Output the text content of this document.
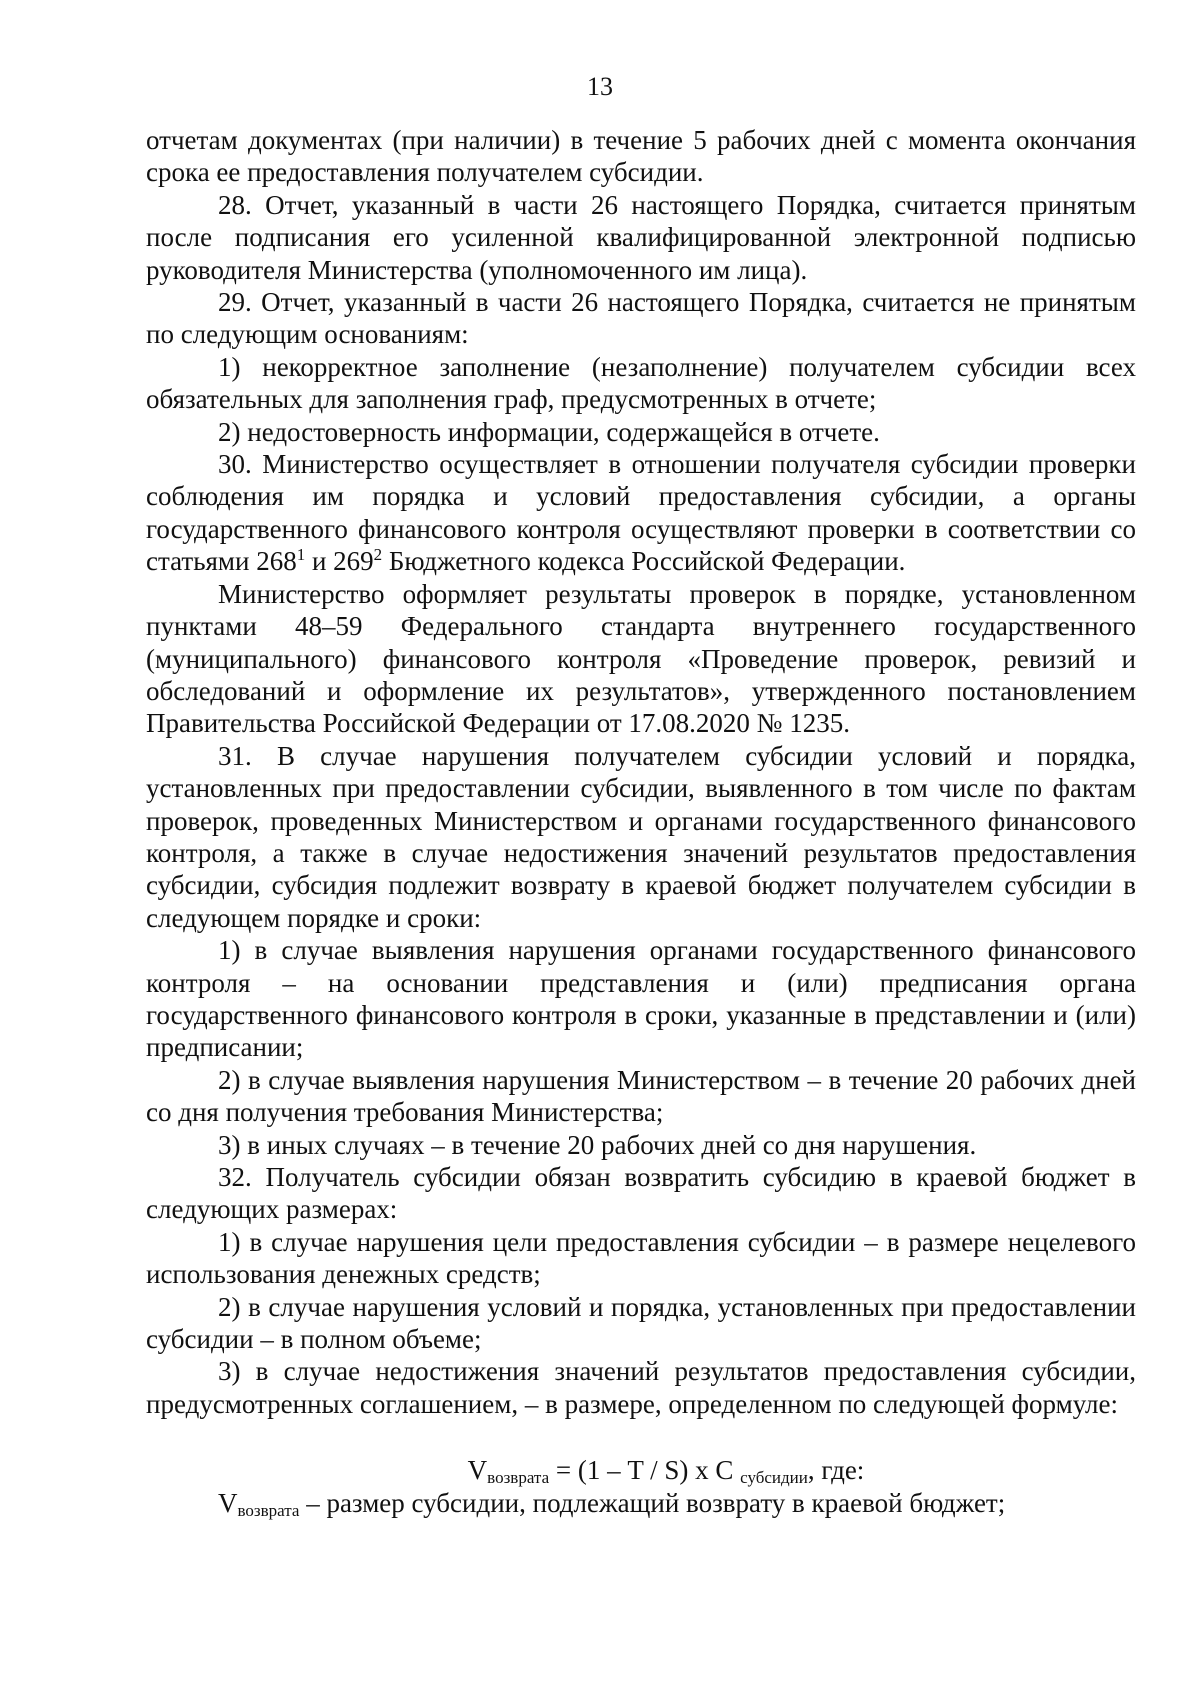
13

отчетам документах (при наличии) в течение 5 рабочих дней с момента окончания срока ее предоставления получателем субсидии.

28. Отчет, указанный в части 26 настоящего Порядка, считается принятым после подписания его усиленной квалифицированной электронной подписью руководителя Министерства (уполномоченного им лица).

29. Отчет, указанный в части 26 настоящего Порядка, считается не принятым по следующим основаниям:

1) некорректное заполнение (незаполнение) получателем субсидии всех обязательных для заполнения граф, предусмотренных в отчете;

2) недостоверность информации, содержащейся в отчете.

30. Министерство осуществляет в отношении получателя субсидии проверки соблюдения им порядка и условий предоставления субсидии, а органы государственного финансового контроля осуществляют проверки в соответствии со статьями $268^1$ и $269^2$ Бюджетного кодекса Российской Федерации.

Министерство оформляет результаты проверок в порядке, установленном пунктами 48–59 Федерального стандарта внутреннего государственного (муниципального) финансового контроля «Проведение проверок, ревизий и обследований и оформление их результатов», утвержденного постановлением Правительства Российской Федерации от 17.08.2020 № 1235.

31. В случае нарушения получателем субсидии условий и порядка, установленных при предоставлении субсидии, выявленного в том числе по фактам проверок, проведенных Министерством и органами государственного финансового контроля, а также в случае недостижения значений результатов предоставления субсидии, субсидия подлежит возврату в краевой бюджет получателем субсидии в следующем порядке и сроки:

1) в случае выявления нарушения органами государственного финансового контроля – на основании представления и (или) предписания органа государственного финансового контроля в сроки, указанные в представлении и (или) предписании;

2) в случае выявления нарушения Министерством – в течение 20 рабочих дней со дня получения требования Министерства;

3) в иных случаях – в течение 20 рабочих дней со дня нарушения.

32. Получатель субсидии обязан возвратить субсидию в краевой бюджет в следующих размерах:

1) в случае нарушения цели предоставления субсидии – в размере нецелевого использования денежных средств;

2) в случае нарушения условий и порядка, установленных при предоставлении субсидии – в полном объеме;

3) в случае недостижения значений результатов предоставления субсидии, предусмотренных соглашением, – в размере, определенном по следующей формуле:

$V_{возврата} = (1 - T / S)$ x C $_{субсидии}$, где:

$V_{возврата}$ – размер субсидии, подлежащий возврату в краевой бюджет;
